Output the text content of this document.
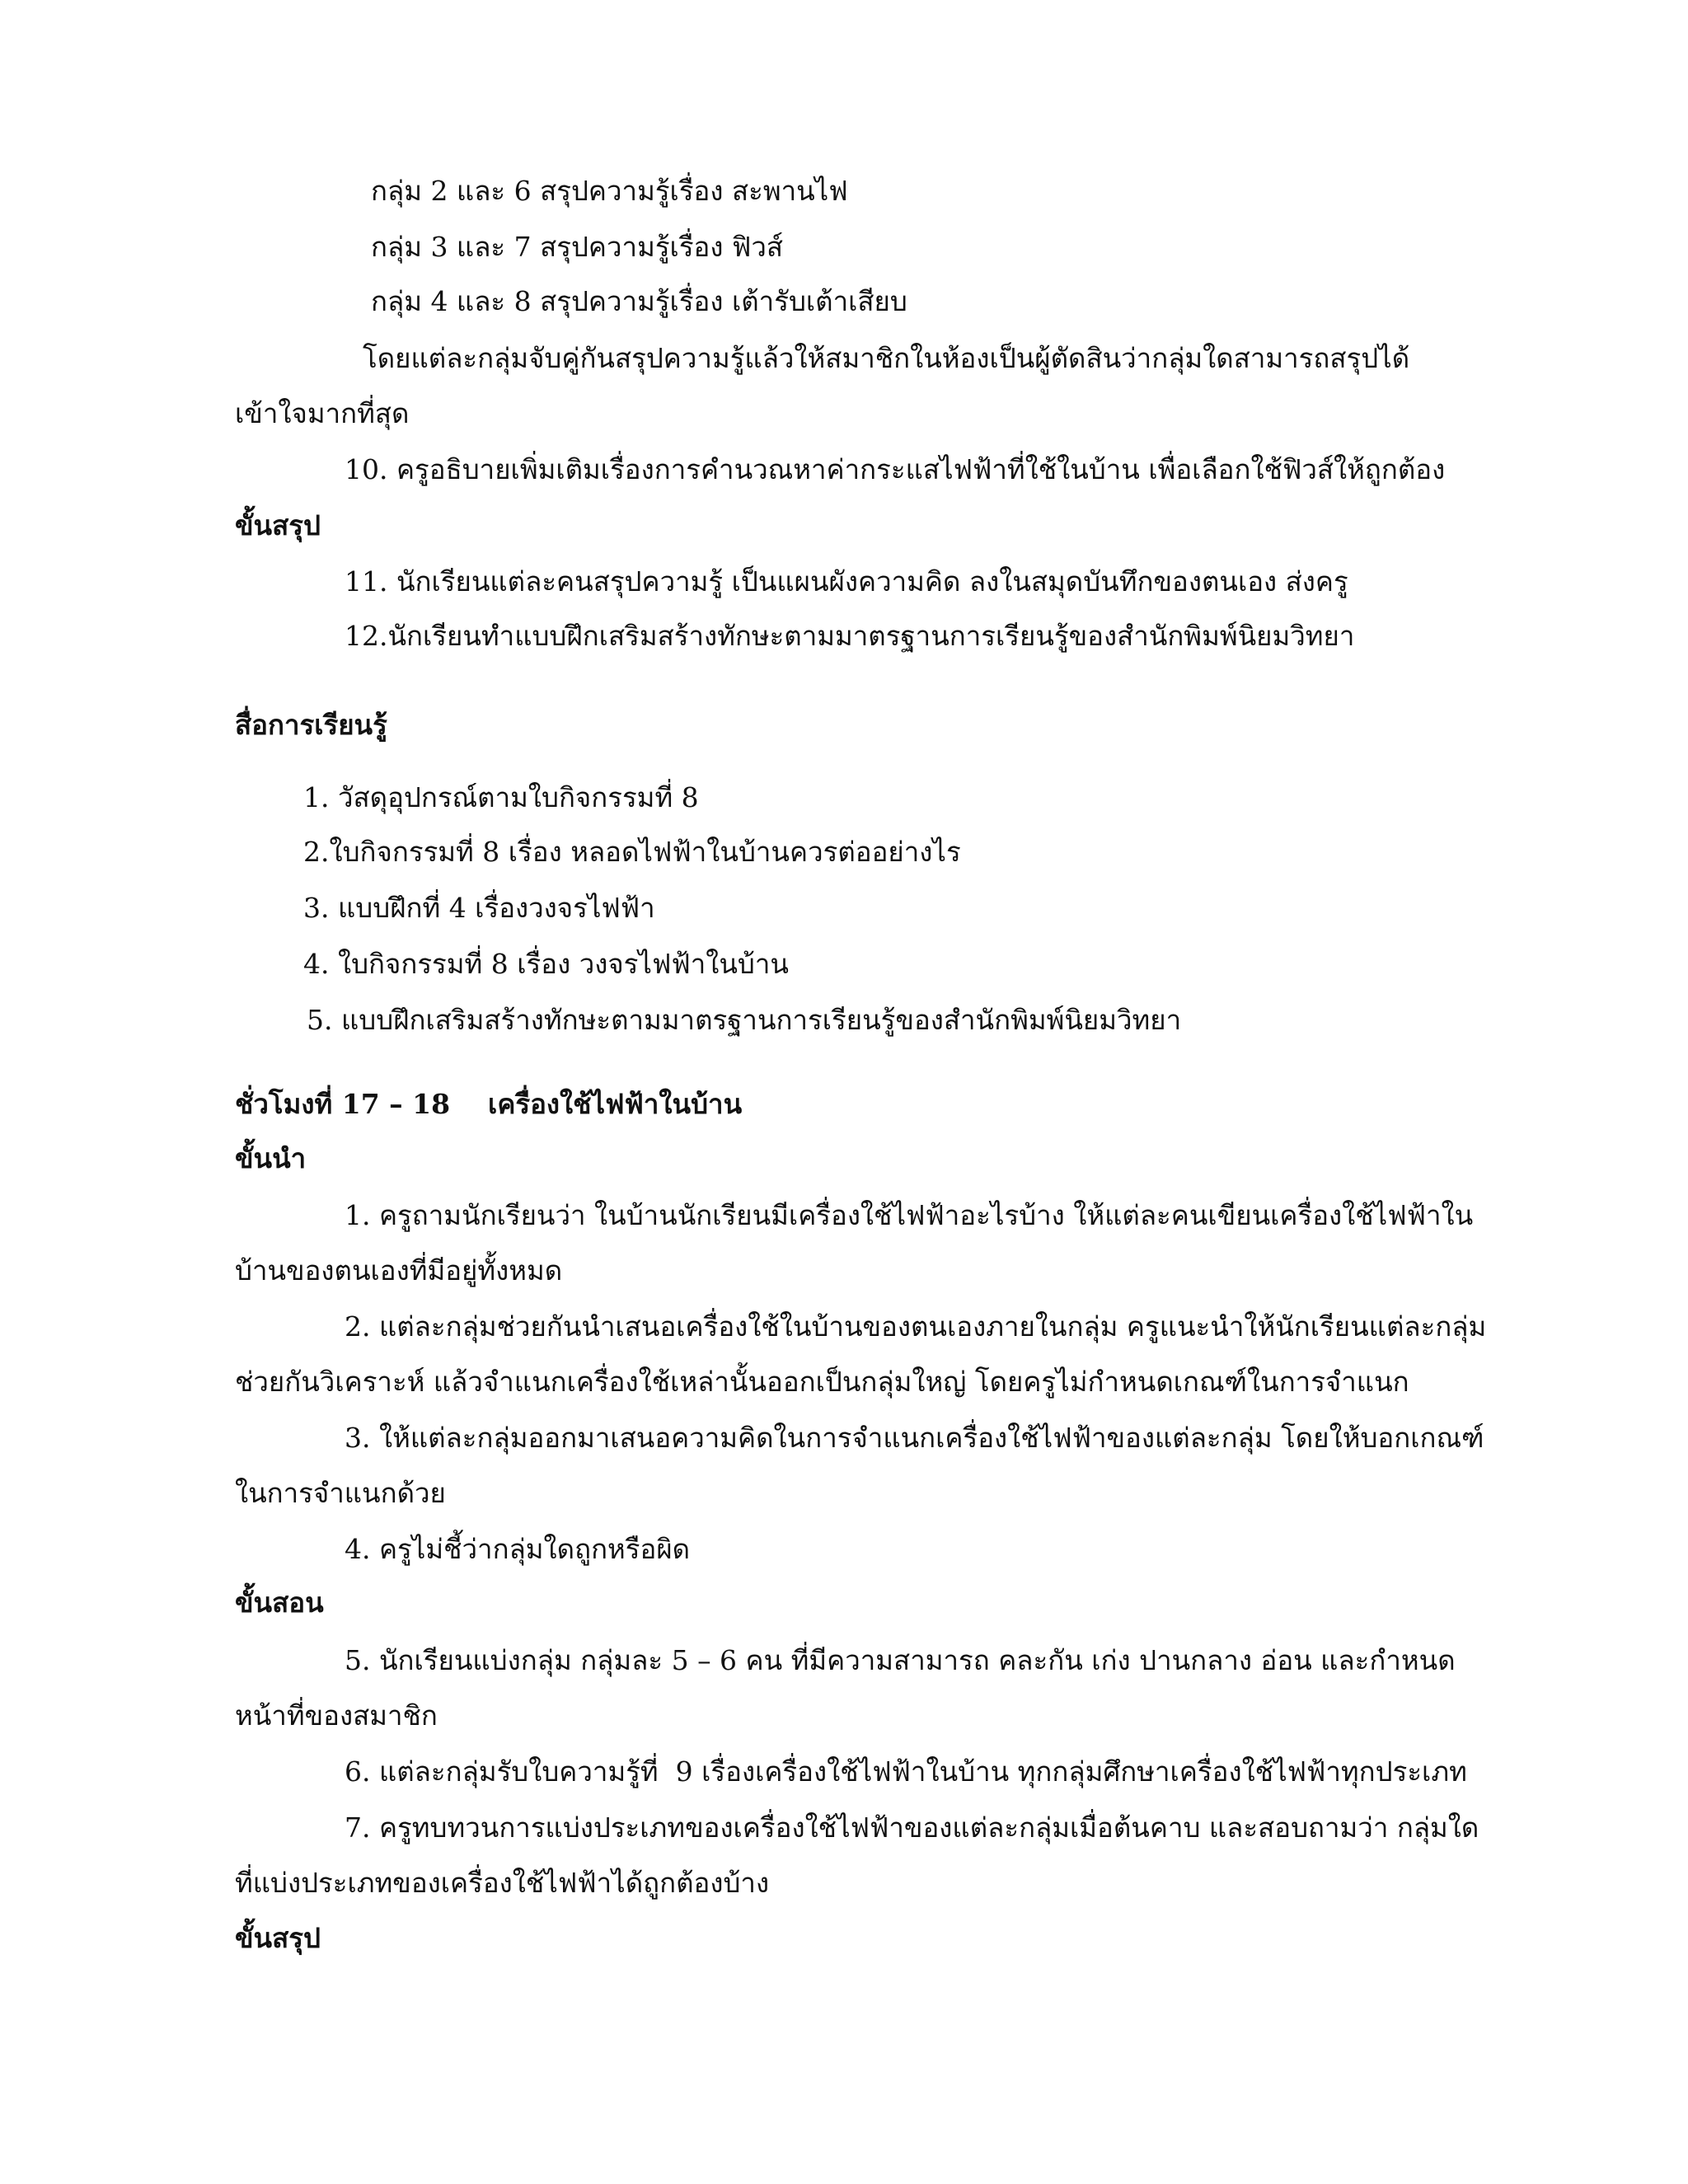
กลุ่ม 2 และ 6 สรุปความรู้เรื่อง สะพานไฟ
กลุ่ม 3 และ 7 สรุปความรู้เรื่อง ฟิวส์
กลุ่ม 4 และ 8 สรุปความรู้เรื่อง เต้ารับเต้าเสียบ
โดยแต่ละกลุ่มจับคู่กันสรุปความรู้แล้วให้สมาชิกในห้องเป็นผู้ตัดสินว่ากลุ่มใดสามารถสรุปได้
เข้าใจมากที่สุด
10. ครูอธิบายเพิ่มเติมเรื่องการคำนวณหาค่ากระแสไฟฟ้าที่ใช้ในบ้าน เพื่อเลือกใช้ฟิวส์ให้ถูกต้อง
ขั้นสรุป
11. นักเรียนแต่ละคนสรุปความรู้ เป็นแผนผังความคิด ลงในสมุดบันทึกของตนเอง ส่งครู
12.นักเรียนทำแบบฝึกเสริมสร้างทักษะตามมาตรฐานการเรียนรู้ของสำนักพิมพ์นิยมวิทยา
สื่อการเรียนรู้
1. วัสดุอุปกรณ์ตามใบกิจกรรมที่ 8
2.ใบกิจกรรมที่ 8 เรื่อง หลอดไฟฟ้าในบ้านควรต่ออย่างไร
3. แบบฝึกที่ 4 เรื่องวงจรไฟฟ้า
4. ใบกิจกรรมที่ 8 เรื่อง วงจรไฟฟ้าในบ้าน
5. แบบฝึกเสริมสร้างทักษะตามมาตรฐานการเรียนรู้ของสำนักพิมพ์นิยมวิทยา
ชั่วโมงที่ 17 – 18    เครื่องใช้ไฟฟ้าในบ้าน
ขั้นนำ
1. ครูถามนักเรียนว่า ในบ้านนักเรียนมีเครื่องใช้ไฟฟ้าอะไรบ้าง ให้แต่ละคนเขียนเครื่องใช้ไฟฟ้าใน
บ้านของตนเองที่มีอยู่ทั้งหมด
2. แต่ละกลุ่มช่วยกันนำเสนอเครื่องใช้ในบ้านของตนเองภายในกลุ่ม ครูแนะนำให้นักเรียนแต่ละกลุ่ม
ช่วยกันวิเคราะห์ แล้วจำแนกเครื่องใช้เหล่านั้นออกเป็นกลุ่มใหญ่ โดยครูไม่กำหนดเกณฑ์ในการจำแนก
3. ให้แต่ละกลุ่มออกมาเสนอความคิดในการจำแนกเครื่องใช้ไฟฟ้าของแต่ละกลุ่ม โดยให้บอกเกณฑ์
ในการจำแนกด้วย
4. ครูไม่ชี้ว่ากลุ่มใดถูกหรือผิด
ขั้นสอน
5. นักเรียนแบ่งกลุ่ม กลุ่มละ 5 – 6 คน ที่มีความสามารถ คละกัน เก่ง ปานกลาง อ่อน และกำหนด
หน้าที่ของสมาชิก
6. แต่ละกลุ่มรับใบความรู้ที่  9 เรื่องเครื่องใช้ไฟฟ้าในบ้าน ทุกกลุ่มศึกษาเครื่องใช้ไฟฟ้าทุกประเภท
7. ครูทบทวนการแบ่งประเภทของเครื่องใช้ไฟฟ้าของแต่ละกลุ่มเมื่อต้นคาบ และสอบถามว่า กลุ่มใด
ที่แบ่งประเภทของเครื่องใช้ไฟฟ้าได้ถูกต้องบ้าง
ขั้นสรุป
